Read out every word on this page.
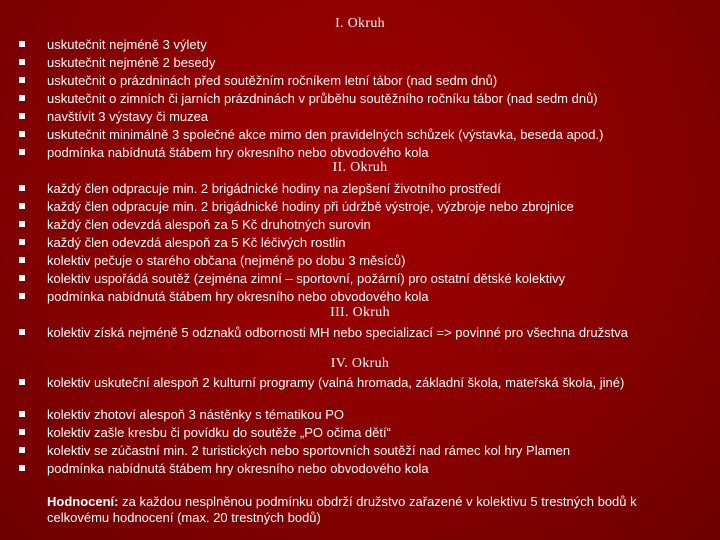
I. Okruh
uskutečnit nejméně 3 výlety
uskutečnit nejméně 2 besedy
uskutečnit o prázdninách před soutěžním ročníkem letní tábor (nad sedm dnů)
uskutečnit o zimních či jarních prázdninách v průběhu soutěžního ročníku tábor (nad sedm dnů)
navštívit 3 výstavy či muzea
uskutečnit minimálně 3 společné akce mimo den pravidelných schůzek (výstavka, beseda apod.)
podmínka nabídnutá štábem hry okresního nebo obvodového kola
II. Okruh
každý člen odpracuje min. 2 brigádnické hodiny na zlepšení životního prostředí
každý člen odpracuje min. 2 brigádnické hodiny při údržbě výstroje, výzbroje nebo zbrojnice
každý člen odevzdá alespoň za 5 Kč druhotných surovin
každý člen odevzdá alespoň za 5 Kč léčivých rostlin
kolektiv pečuje o starého občana (nejméně po dobu 3 měsíců)
kolektiv uspořádá soutěž (zejména zimní – sportovní, požární) pro ostatní dětské kolektivy
podmínka nabídnutá štábem hry okresního nebo obvodového kola
III. Okruh
kolektiv získá nejméně 5 odznaků odbornosti MH nebo specializací => povinné pro všechna družstva
IV. Okruh
kolektiv uskuteční alespoň 2 kulturní programy (valná hromada, základní škola, mateřská škola, jiné)
kolektiv zhotoví alespoň 3 nástěnky s tématikou PO
kolektiv zašle kresbu či povídku do soutěže „PO očima dětí“
kolektiv se zúčastní min. 2 turistických nebo sportovních soutěží nad rámec kol hry Plamen
podmínka nabídnutá štábem hry okresního nebo obvodového kola
Hodnocení: za každou nesplněnou podmínku obdrží družstvo zařazené v kolektivu 5 trestných bodů k celkovému hodnocení (max. 20 trestných bodů)
